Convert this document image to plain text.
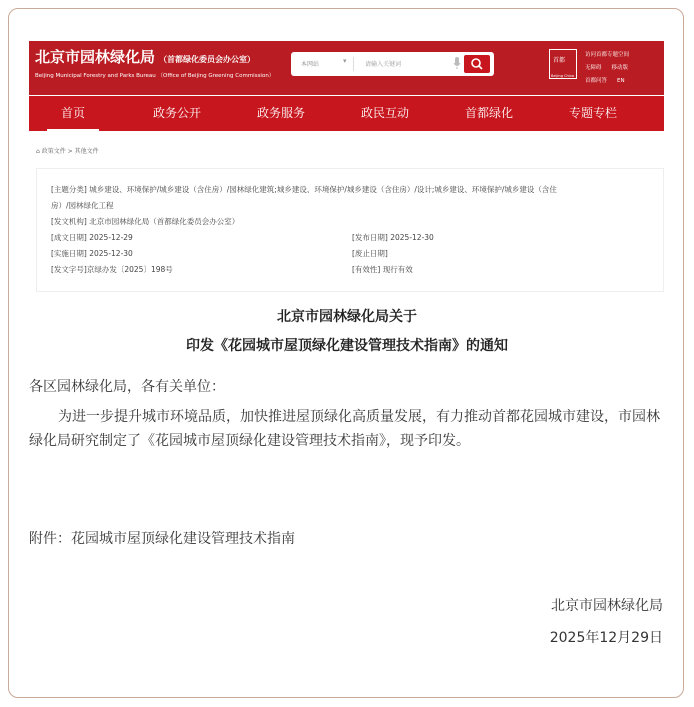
北京市园林绿化局 （首都绿化委员会办公室）
Beijing Municipal Forestry and Parks Bureau （Office of Beijing Greening Commission）
本网站	▾	请输入关键词
首都
Beijing China
访问首都专题空间
无障碍 移动版
首都问答 EN
首页	政务公开	政务服务	政民互动	首都绿化	专题专栏
⌂ 政策文件 > 其他文件
[主题分类] 城乡建设、环境保护/城乡建设（含住房）/园林绿化建筑;城乡建设、环境保护/城乡建设（含住房）/设计;城乡建设、环境保护/城乡建设（含住
房）/园林绿化工程
[发文机构] 北京市园林绿化局（首都绿化委员会办公室）
[成文日期] 2025-12-29	[发布日期] 2025-12-30
[实施日期] 2025-12-30	[废止日期]
[发文字号]京绿办发〔2025〕198号	[有效性] 现行有效
北京市园林绿化局关于
印发《花园城市屋顶绿化建设管理技术指南》的通知
各区园林绿化局，各有关单位：
为进一步提升城市环境品质，加快推进屋顶绿化高质量发展，有力推动首都花园城市建设，市园林绿化局研究制定了《花园城市屋顶绿化建设管理技术指南》，现予印发。
附件：花园城市屋顶绿化建设管理技术指南
北京市园林绿化局
2025年12月29日
